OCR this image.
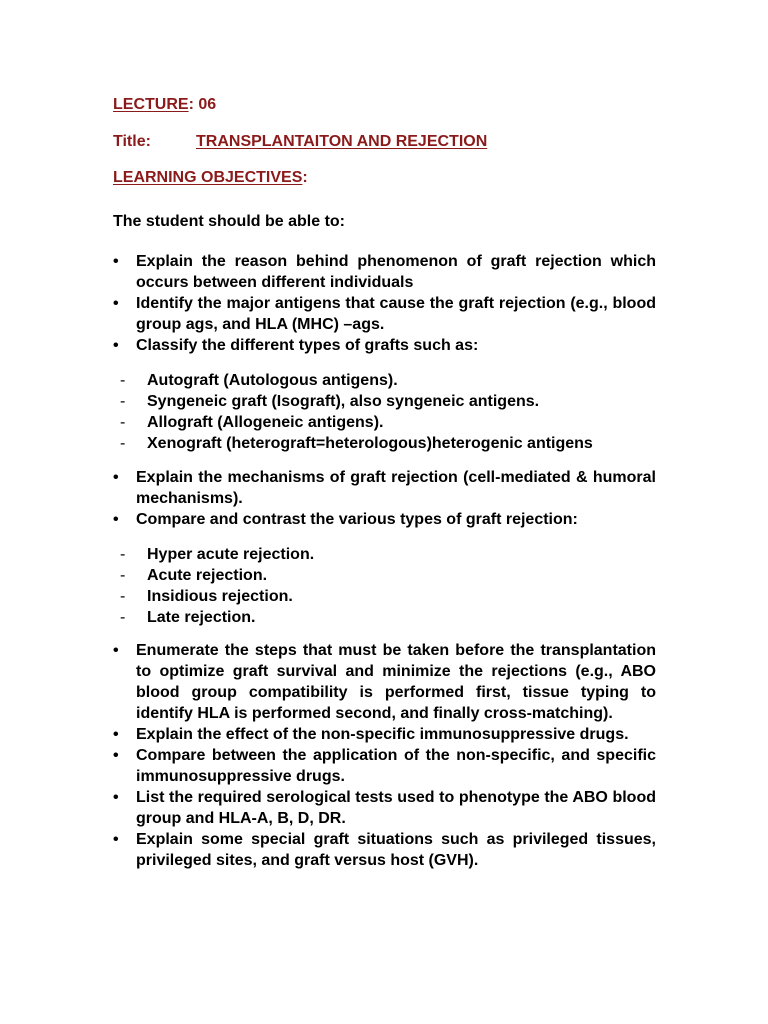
LECTURE: 06
Title:	TRANSPLANTAITON AND REJECTION
LEARNING OBJECTIVES:
The student should be able to:
• Explain the reason behind phenomenon of graft rejection which occurs between different individuals
• Identify the major antigens that cause the graft rejection (e.g., blood group ags, and HLA (MHC) –ags.
• Classify the different types of grafts such as:
- Autograft (Autologous antigens).
- Syngeneic graft (Isograft), also syngeneic antigens.
- Allograft (Allogeneic antigens).
- Xenograft (heterograft=heterologous)heterogenic antigens
• Explain the mechanisms of graft rejection (cell-mediated & humoral mechanisms).
• Compare and contrast the various types of graft rejection:
- Hyper acute rejection.
- Acute rejection.
- Insidious rejection.
- Late rejection.
• Enumerate the steps that must be taken before the transplantation to optimize graft survival and minimize the rejections (e.g., ABO blood group compatibility is performed first, tissue typing to identify HLA is performed second, and finally cross-matching).
• Explain the effect of the non-specific immunosuppressive drugs.
• Compare between the application of the non-specific, and specific immunosuppressive drugs.
• List the required serological tests used to phenotype the ABO blood group and HLA-A, B, D, DR.
• Explain some special graft situations such as privileged tissues, privileged sites, and graft versus host (GVH).
